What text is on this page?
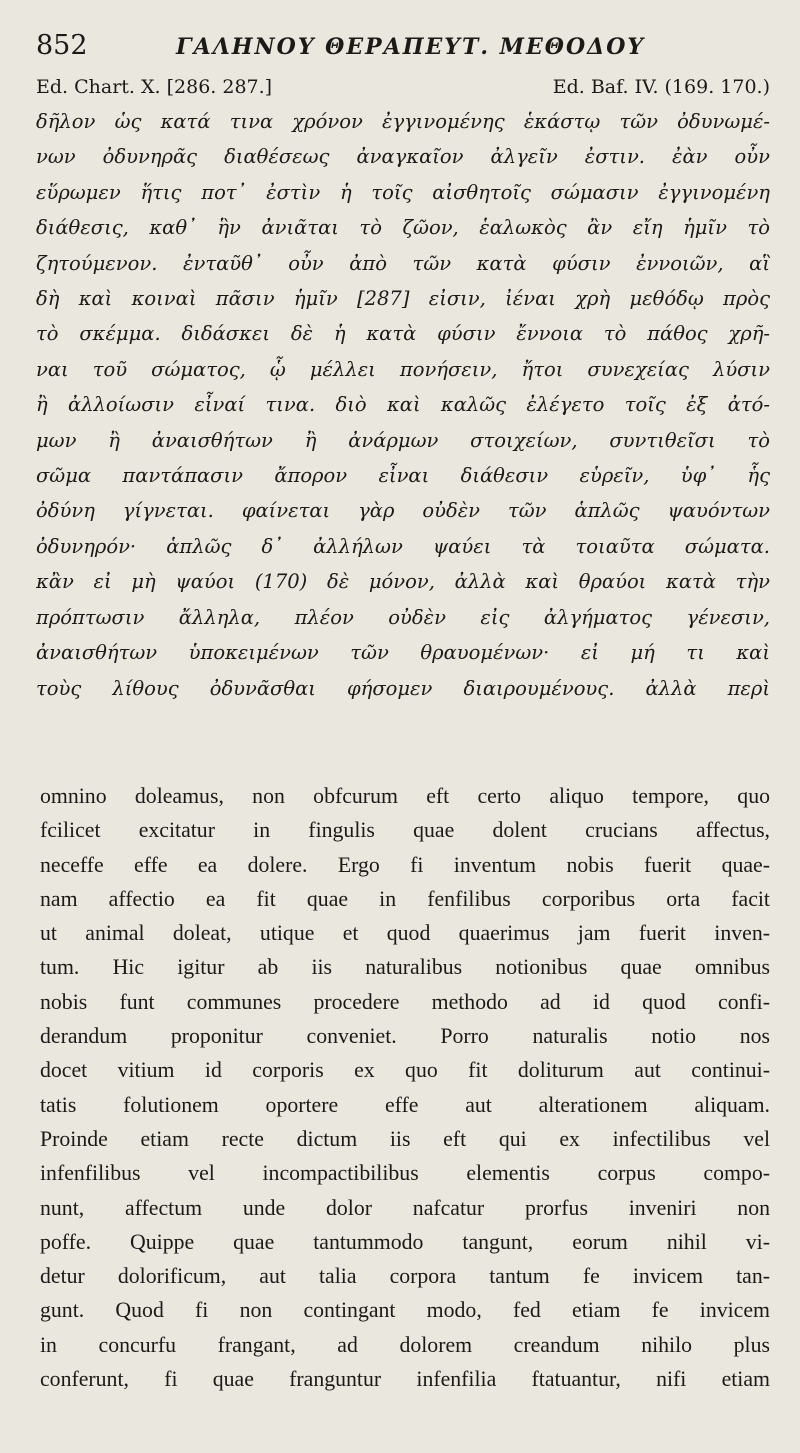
852	ΓΑΛΗΝΟΥ ΘΕΡΑΠΕΥΤ. ΜΕΘΟΔΟΥ
Ed. Chart. X. [286. 287.]	Ed. Baf. IV. (169. 170.)
δῆλον ὡς κατά τινα χρόνον ἐγγινομένης ἑκάστῳ τῶν ὀδυνωμέ-
νων ὀδυνηρᾶς διαθέσεως ἀναγκαῖον ἀλγεῖν ἐστιν. ἐὰν οὖν
εὕρωμεν ἥτις ποτ᾽ ἐστὶν ἡ τοῖς αἰσθητοῖς σώμασιν ἐγγινομένη
διάθεσις, καθ᾽ ἣν ἀνιᾶται τὸ ζῶον, ἑαλωκὸς ἂν εἴη ἡμῖν τὸ
ζητούμενον. ἐνταῦθ᾽ οὖν ἀπὸ τῶν κατὰ φύσιν ἐννοιῶν, αἳ
δὴ καὶ κοιναὶ πᾶσιν ἡμῖν [287] εἰσιν, ἰέναι χρὴ μεθόδῳ πρὸς
τὸ σκέμμα. διδάσκει δὲ ἡ κατὰ φύσιν ἔννοια τὸ πάθος χρῆ-
ναι τοῦ σώματος, ᾧ μέλλει πονήσειν, ἤτοι συνεχείας λύσιν
ἢ ἀλλοίωσιν εἶναί τινα. διὸ καὶ καλῶς ἐλέγετο τοῖς ἐξ ἀτό-
μων ἢ ἀναισθήτων ἢ ἀνάρμων στοιχείων, συντιθεῖσι τὸ
σῶμα παντάπασιν ἄπορον εἶναι διάθεσιν εὑρεῖν, ὑφ᾽ ἧς
ὀδύνη γίγνεται. φαίνεται γὰρ οὐδὲν τῶν ἁπλῶς ψαυόντων
ὀδυνηρόν· ἁπλῶς δ᾽ ἀλλήλων ψαύει τὰ τοιαῦτα σώματα.
κἂν εἰ μὴ ψαύοι (170) δὲ μόνον, ἀλλὰ καὶ θραύοι κατὰ τὴν
πρόπτωσιν ἄλληλα, πλέον οὐδὲν εἰς ἀλγήματος γένεσιν,
ἀναισθήτων ὑποκειμένων τῶν θραυομένων· εἰ μή τι καὶ
τοὺς λίθους ὀδυνᾶσθαι φήσομεν διαιρουμένους. ἀλλὰ περὶ
omnino doleamus, non obfcurum eft certo aliquo tempore, quo
fcilicet excitatur in fingulis quae dolent crucians affectus,
neceffe effe ea dolere. Ergo fi inventum nobis fuerit quae-
nam affectio ea fit quae in fenfilibus corporibus orta facit
ut animal doleat, utique et quod quaerimus jam fuerit inven-
tum. Hic igitur ab iis naturalibus notionibus quae omnibus
nobis funt communes procedere methodo ad id quod confi-
derandum proponitur conveniet. Porro naturalis notio nos
docet vitium id corporis ex quo fit doliturum aut continui-
tatis folutionem oportere effe aut alterationem aliquam.
Proinde etiam recte dictum iis eft qui ex infectilibus vel
infenfilibus vel incompactibilibus elementis corpus compo-
nunt, affectum unde dolor nafcatur prorfus inveniri non
poffe. Quippe quae tantummodo tangunt, eorum nihil vi-
detur dolorificum, aut talia corpora tantum fe invicem tan-
gunt. Quod fi non contingant modo, fed etiam fe invicem
in concurfu frangant, ad dolorem creandum nihilo plus
conferunt, fi quae franguntur infenfilia ftatuantur, nifi etiam
